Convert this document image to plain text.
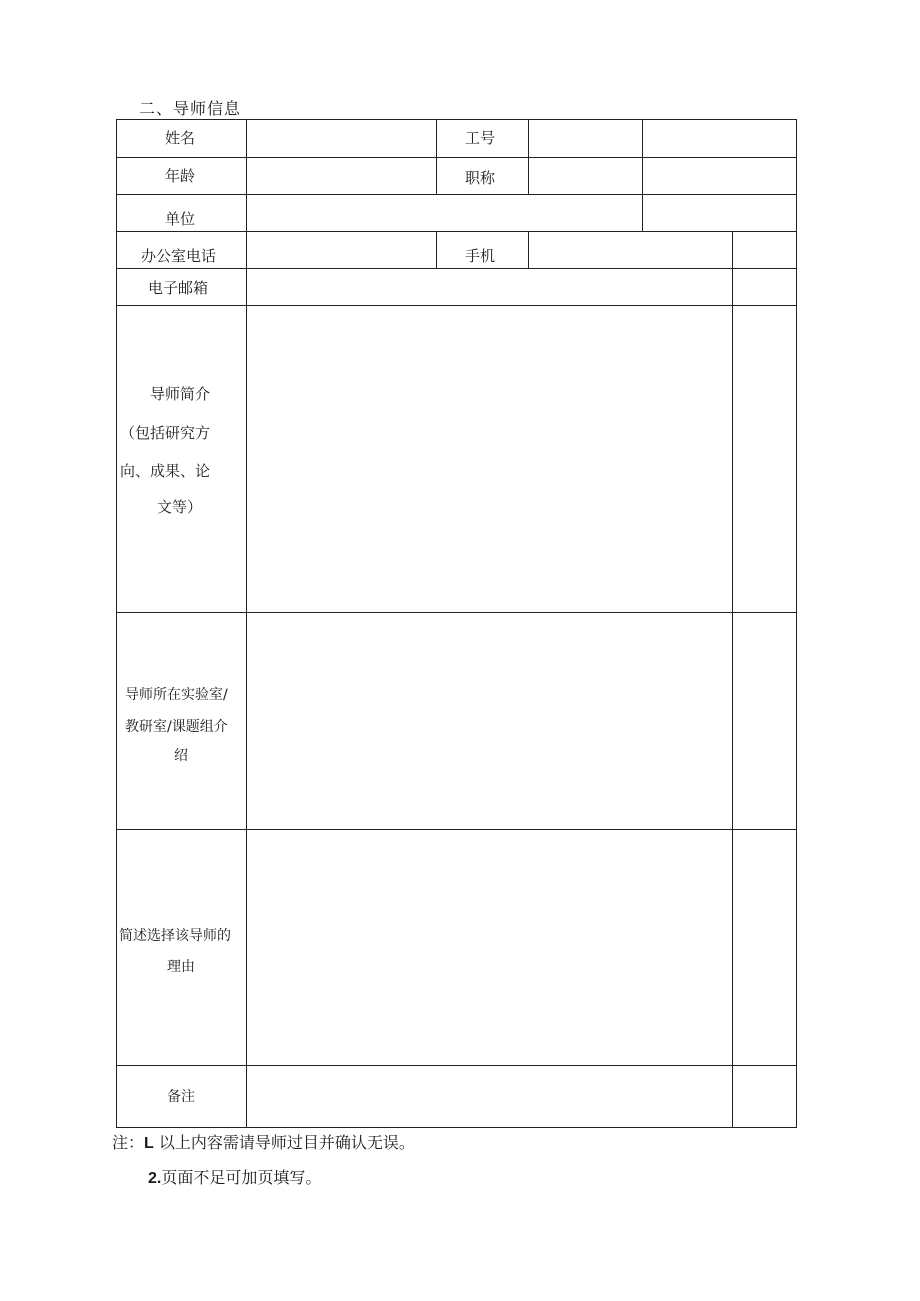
二、导师信息
姓名	工号
年龄	职称
单位
办公室电话	手机
电子邮箱
导师简介
（包括研究方
向、成果、论
文等）
导师所在实验室/
教研室/课题组介
绍
简述选择该导师的
理由
备注
注：L 以上内容需请导师过目并确认无误。
2.页面不足可加页填写。
